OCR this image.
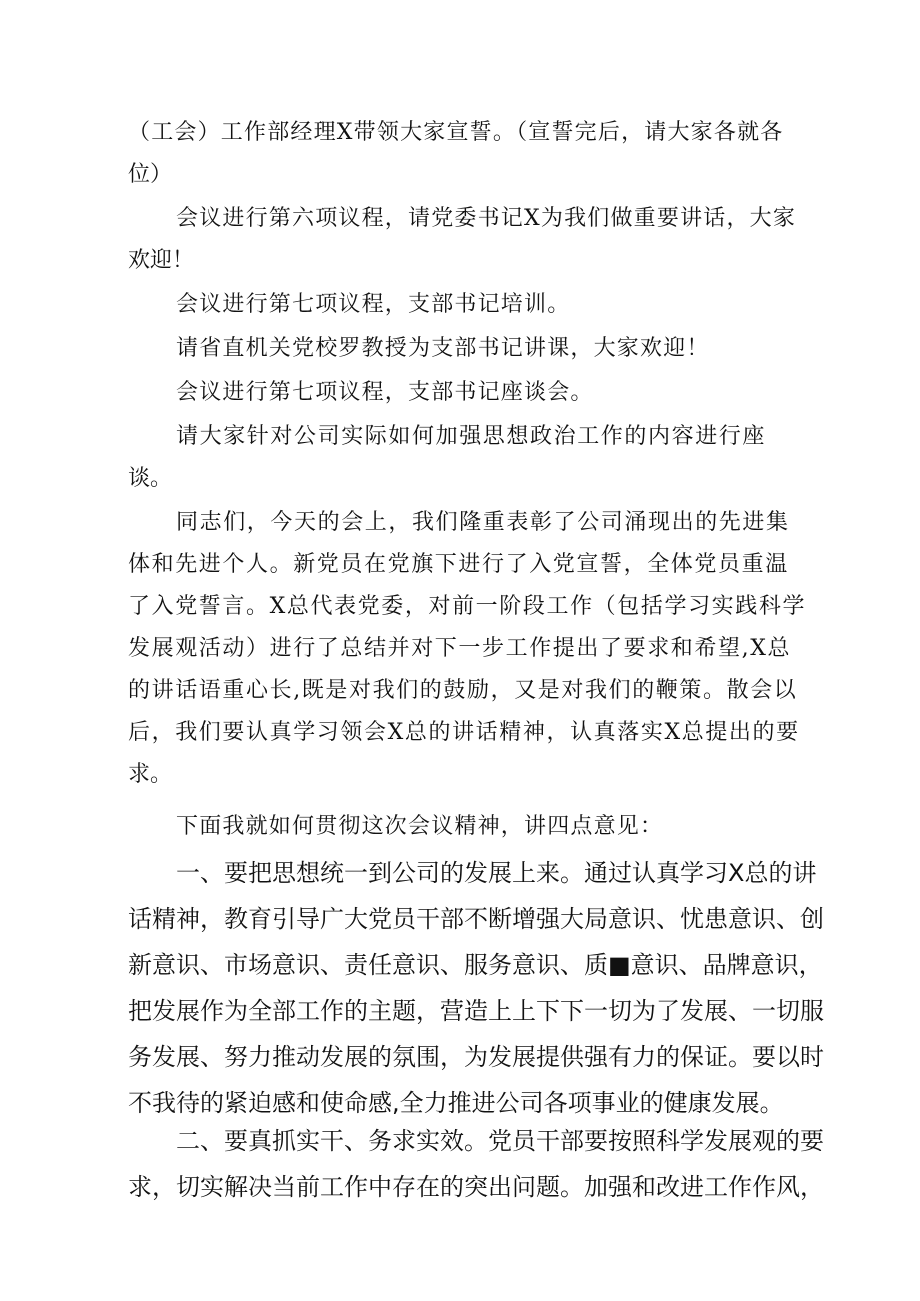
（工会）工作部经理X带领大家宣誓。（宣誓完后，请大家各就各
位）

会议进行第六项议程，请党委书记X为我们做重要讲话，大家
欢迎！

会议进行第七项议程，支部书记培训。

请省直机关党校罗教授为支部书记讲课，大家欢迎！

会议进行第七项议程，支部书记座谈会。

请大家针对公司实际如何加强思想政治工作的内容进行座
谈。

同志们，今天的会上，我们隆重表彰了公司涌现出的先进集
体和先进个人。新党员在党旗下进行了入党宣誓，全体党员重温
了入党誓言。X总代表党委，对前一阶段工作（包括学习实践科学
发展观活动）进行了总结并对下一步工作提出了要求和希望,X总
的讲话语重心长,既是对我们的鼓励，又是对我们的鞭策。散会以
后，我们要认真学习领会X总的讲话精神，认真落实X总提出的要
求。

下面我就如何贯彻这次会议精神，讲四点意见：

一、要把思想统一到公司的发展上来。通过认真学习X总的讲
话精神，教育引导广大党员干部不断增强大局意识、忧患意识、创
新意识、市场意识、责任意识、服务意识、质■意识、品牌意识，
把发展作为全部工作的主题，营造上上下下一切为了发展、一切服
务发展、努力推动发展的氛围，为发展提供强有力的保证。要以时
不我待的紧迫感和使命感,全力推进公司各项事业的健康发展。

二、要真抓实干、务求实效。党员干部要按照科学发展观的要
求，切实解决当前工作中存在的突出问题。加强和改进工作作风，
